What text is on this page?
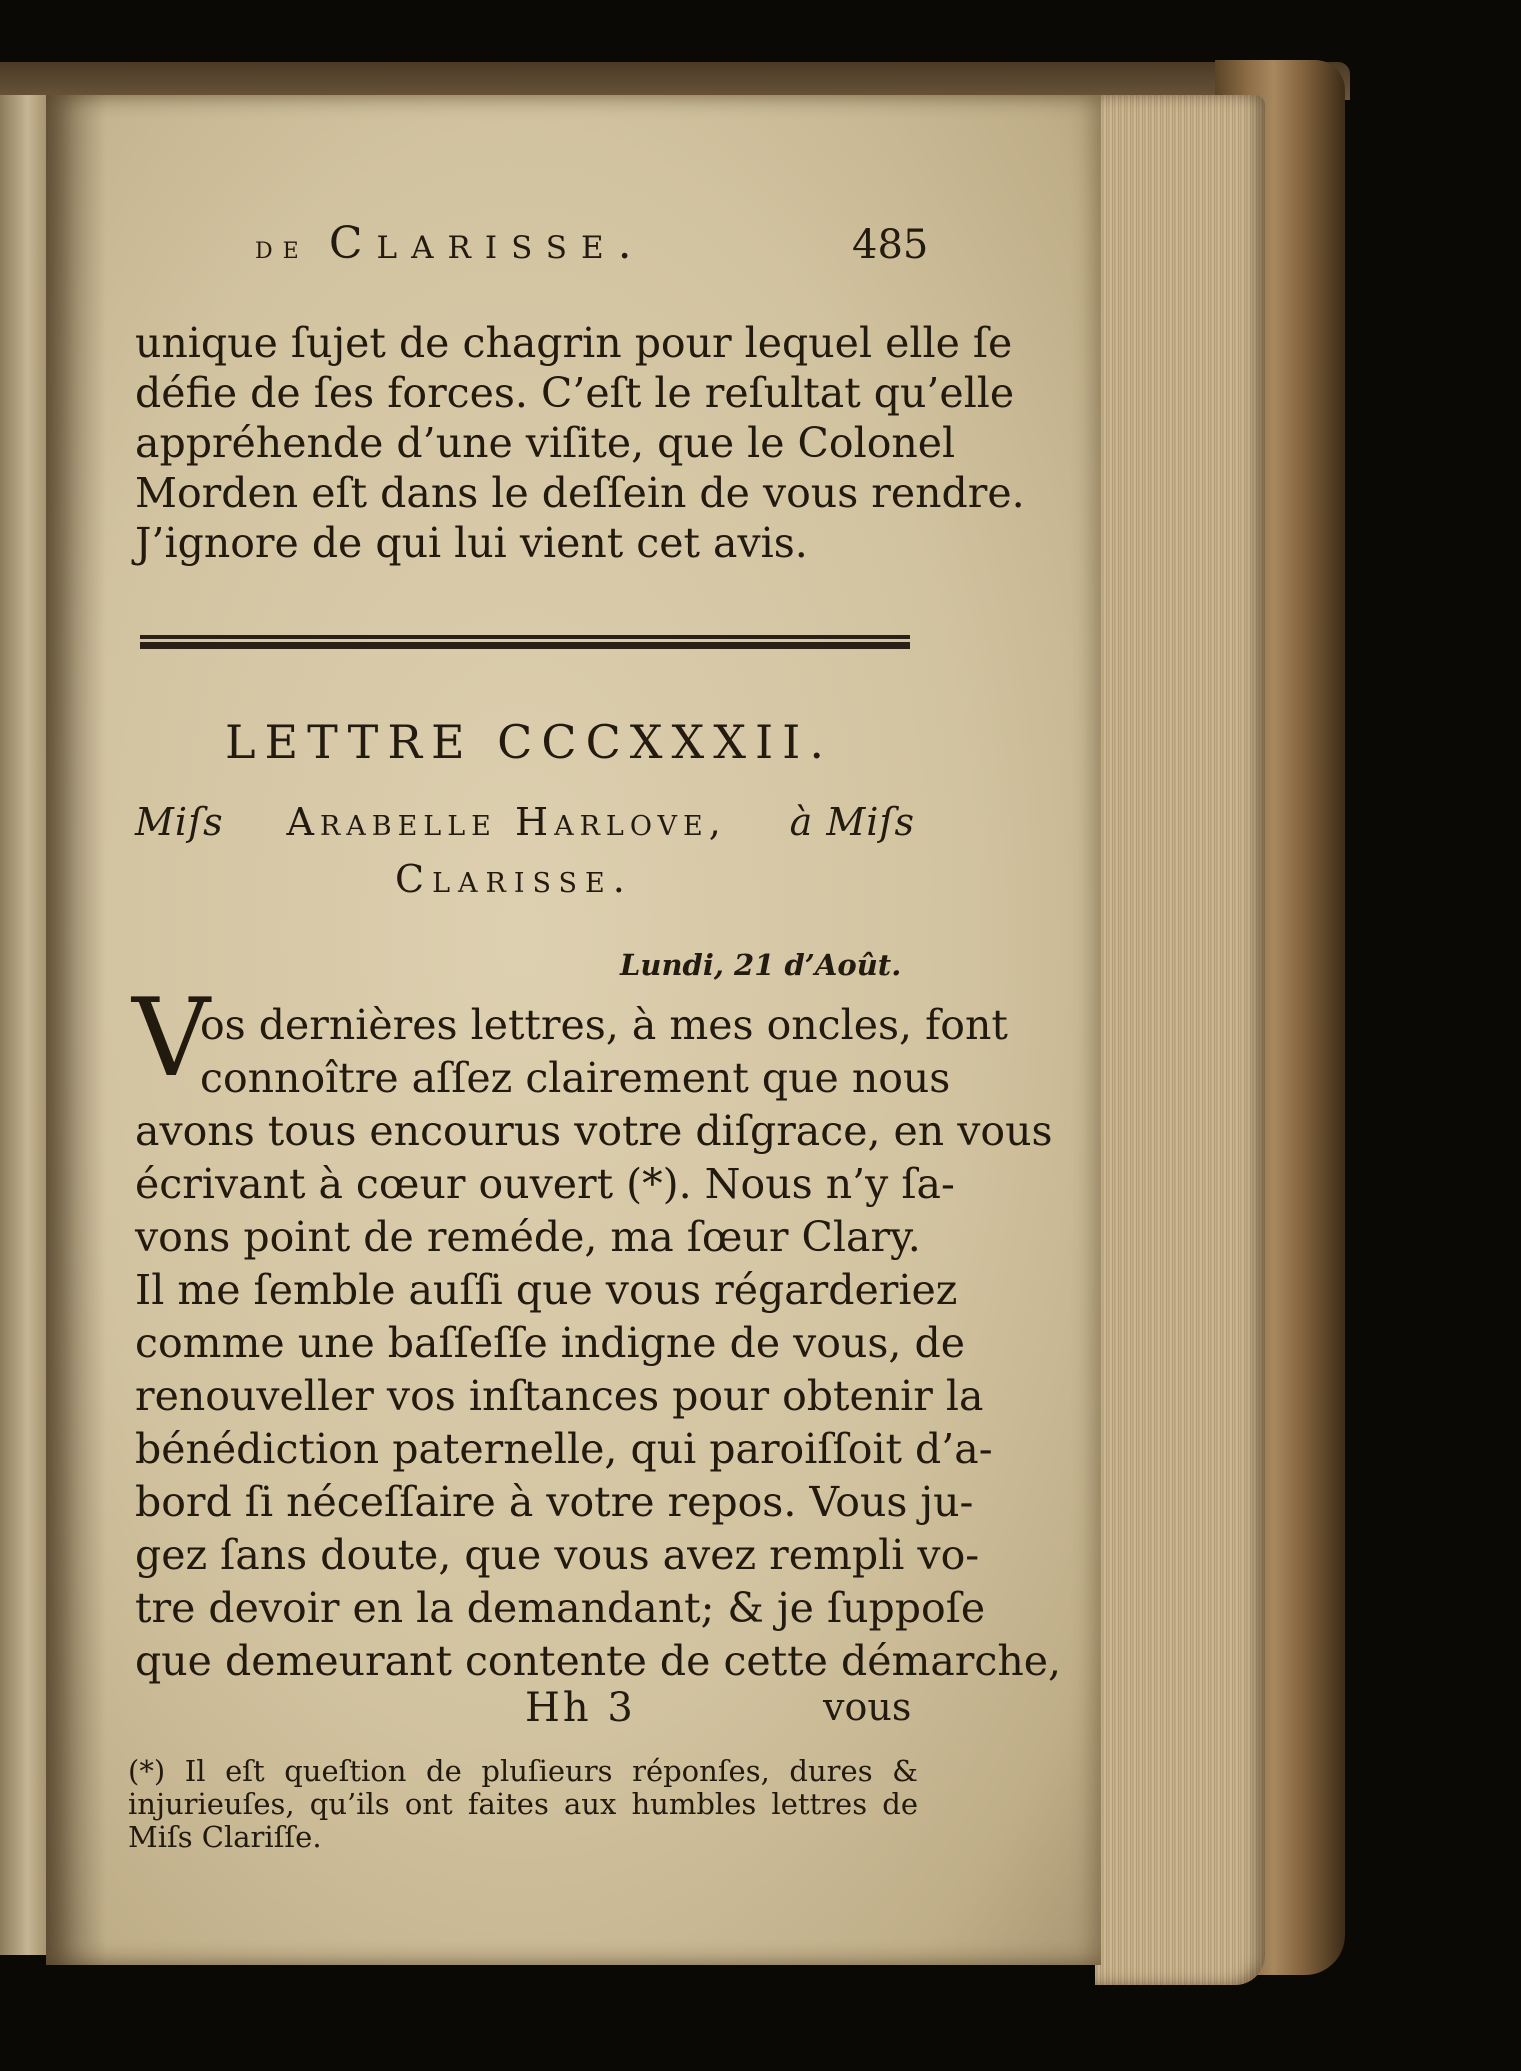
de Clarisse.	485
unique ſujet de chagrin pour lequel elle ſe
défie de ſes forces. C’eſt le reſultat qu’elle
appréhende d’une viſite, que le Colonel
Morden eſt dans le deſſein de vous rendre.
J’ignore de qui lui vient cet avis.
LETTRE CCCXXXII.
Miſs Arabelle Harlove, à Miſs
Clarisse.
Lundi, 21 d’Août.
V
os dernières lettres, à mes oncles, font
connoître aſſez clairement que nous
avons tous encourus votre diſgrace, en vous
écrivant à cœur ouvert (*). Nous n’y ſa-
vons point de reméde, ma ſœur Clary.
Il me ſemble auſſi que vous régarderiez
comme une baſſeſſe indigne de vous, de
renouveller vos inſtances pour obtenir la
bénédiction paternelle, qui paroiſſoit d’a-
bord ſi néceſſaire à votre repos. Vous ju-
gez ſans doute, que vous avez rempli vo-
tre devoir en la demandant; & je ſuppoſe
que demeurant contente de cette démarche,
Hh 3	vous
(*) Il eſt queſtion de pluſieurs réponſes, dures &
injurieuſes, qu’ils ont faites aux humbles lettres de
Miſs Clariſſe.
